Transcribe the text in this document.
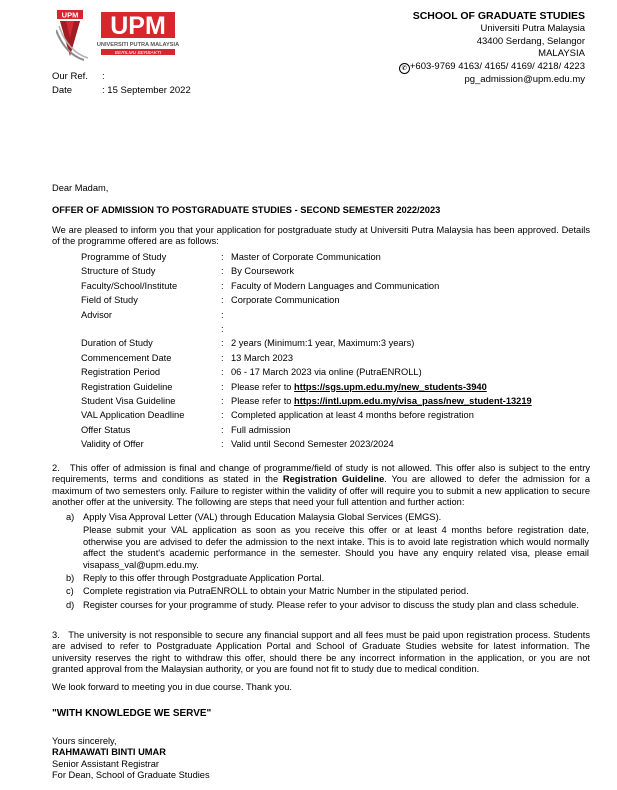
UPM UPM
UNIVERSITI PUTRA MALAYSIA
BERILMU BERBAKTI
SCHOOL OF GRADUATE STUDIES
Universiti Putra Malaysia
43400 Serdang, Selangor
MALAYSIA
✆ +603-9769 4163/ 4165/ 4169/ 4218/ 4223
pg_admission@upm.edu.my
Our Ref. :
Date	: 15 September 2022
Dear Madam,
OFFER OF ADMISSION TO POSTGRADUATE STUDIES - SECOND SEMESTER 2022/2023
We are pleased to inform you that your application for postgraduate study at Universiti Putra Malaysia has been approved. Details of the programme offered are as follows:
Programme of Study	:	Master of Corporate Communication
Structure of Study	:	By Coursework
Faculty/School/Institute	:	Faculty of Modern Languages and Communication
Field of Study	:	Corporate Communication
Advisor	:	
	:	
Duration of Study	:	2 years (Minimum:1 year, Maximum:3 years)
Commencement Date	:	13 March 2023
Registration Period	:	06 - 17 March 2023 via online (PutraENROLL)
Registration Guideline	:	Please refer to https://sgs.upm.edu.my/new_students-3940
Student Visa Guideline	:	Please refer to https://intl.upm.edu.my/visa_pass/new_student-13219
VAL Application Deadline	:	Completed application at least 4 months before registration
Offer Status	:	Full admission
Validity of Offer	:	Valid until Second Semester 2023/2024
2. This offer of admission is final and change of programme/field of study is not allowed. This offer also is subject to the entry requirements, terms and conditions as stated in the Registration Guideline. You are allowed to defer the admission for a maximum of two semesters only. Failure to register within the validity of offer will require you to submit a new application to secure another offer at the university. The following are steps that need your full attention and further action:
a) Apply Visa Approval Letter (VAL) through Education Malaysia Global Services (EMGS).
Please submit your VAL application as soon as you receive this offer or at least 4 months before registration date, otherwise you are advised to defer the admission to the next intake. This is to avoid late registration which would normally affect the student's academic performance in the semester. Should you have any enquiry related visa, please email visapass_val@upm.edu.my.
b) Reply to this offer through Postgraduate Application Portal.
c) Complete registration via PutraENROLL to obtain your Matric Number in the stipulated period.
d) Register courses for your programme of study. Please refer to your advisor to discuss the study plan and class schedule.
3. The university is not responsible to secure any financial support and all fees must be paid upon registration process. Students are advised to refer to Postgraduate Application Portal and School of Graduate Studies website for latest information. The university reserves the right to withdraw this offer, should there be any incorrect information in the application, or you are not granted approval from the Malaysian authority, or you are found not fit to study due to medical condition.
We look forward to meeting you in due course. Thank you.
"WITH KNOWLEDGE WE SERVE"
Yours sincerely,
RAHMAWATI BINTI UMAR
Senior Assistant Registrar
For Dean, School of Graduate Studies
